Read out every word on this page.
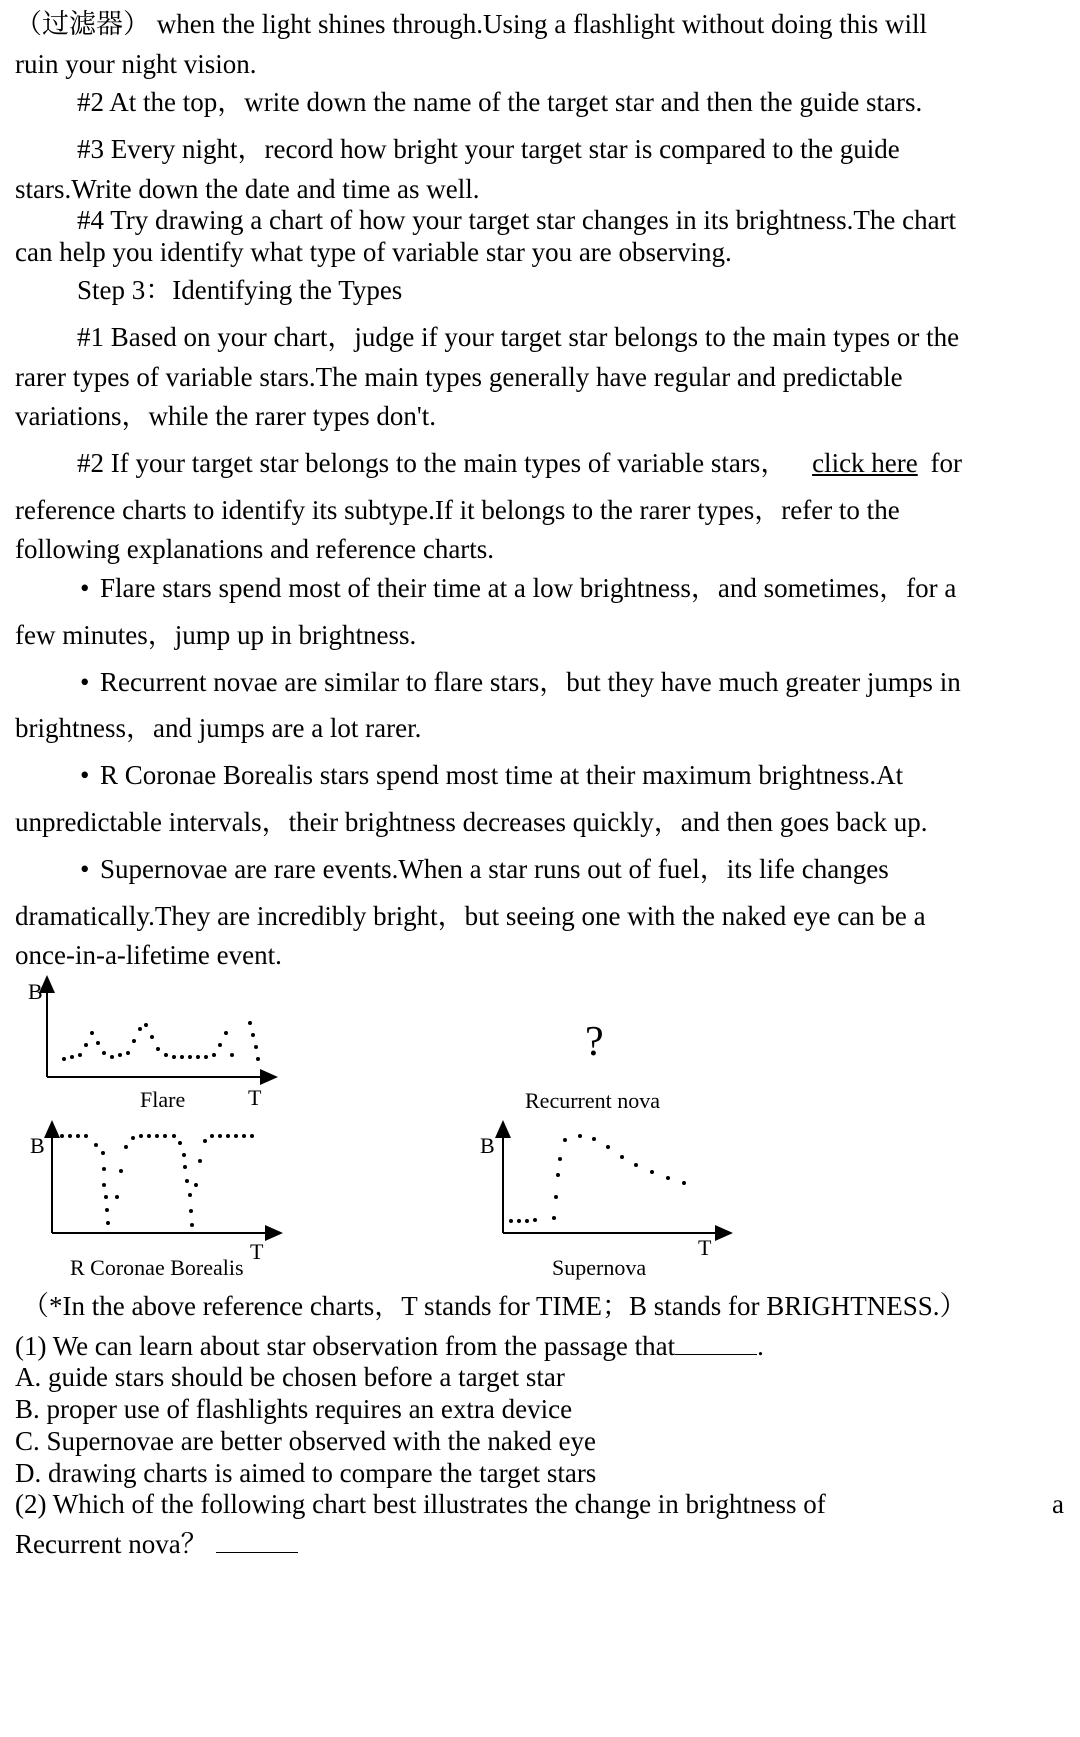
（过滤器） when the light shines through.Using a flashlight without doing this will
ruin your night vision.
#2 At the top，write down the name of the target star and then the guide stars.
#3 Every night，record how bright your target star is compared to the guide
stars.Write down the date and time as well.
#4 Try drawing a chart of how your target star changes in its brightness.The chart
can help you identify what type of variable star you are observing.
Step 3：Identifying the Types
#1 Based on your chart，judge if your target star belongs to the main types or the
rarer types of variable stars.The main types generally have regular and predictable
variations，while the rarer types don't.
#2 If your target star belongs to the main types of variable stars， click here for
reference charts to identify its subtype.If it belongs to the rarer types，refer to the
following explanations and reference charts.
• Flare stars spend most of their time at a low brightness，and sometimes，for a
few minutes，jump up in brightness.
• Recurrent novae are similar to flare stars，but they have much greater jumps in
brightness，and jumps are a lot rarer.
• R Coronae Borealis stars spend most time at their maximum brightness.At
unpredictable intervals，their brightness decreases quickly，and then goes back up.
• Supernovae are rare events.When a star runs out of fuel，its life changes
dramatically.They are incredibly bright，but seeing one with the naked eye can be a
once-in-a-lifetime event.
B
T
Flare
?
Recurrent nova
B
T
R Coronae Borealis
B
T
Supernova
（*In the above reference charts，T stands for TIME；B stands for BRIGHTNESS.）
(1) We can learn about star observation from the passage that	.
A. guide stars should be chosen before a target star
B. proper use of flashlights requires an extra device
C. Supernovae are better observed with the naked eye
D. drawing charts is aimed to compare the target stars
(2) Which of the following chart best illustrates the change in brightness of	a
Recurrent nova？
